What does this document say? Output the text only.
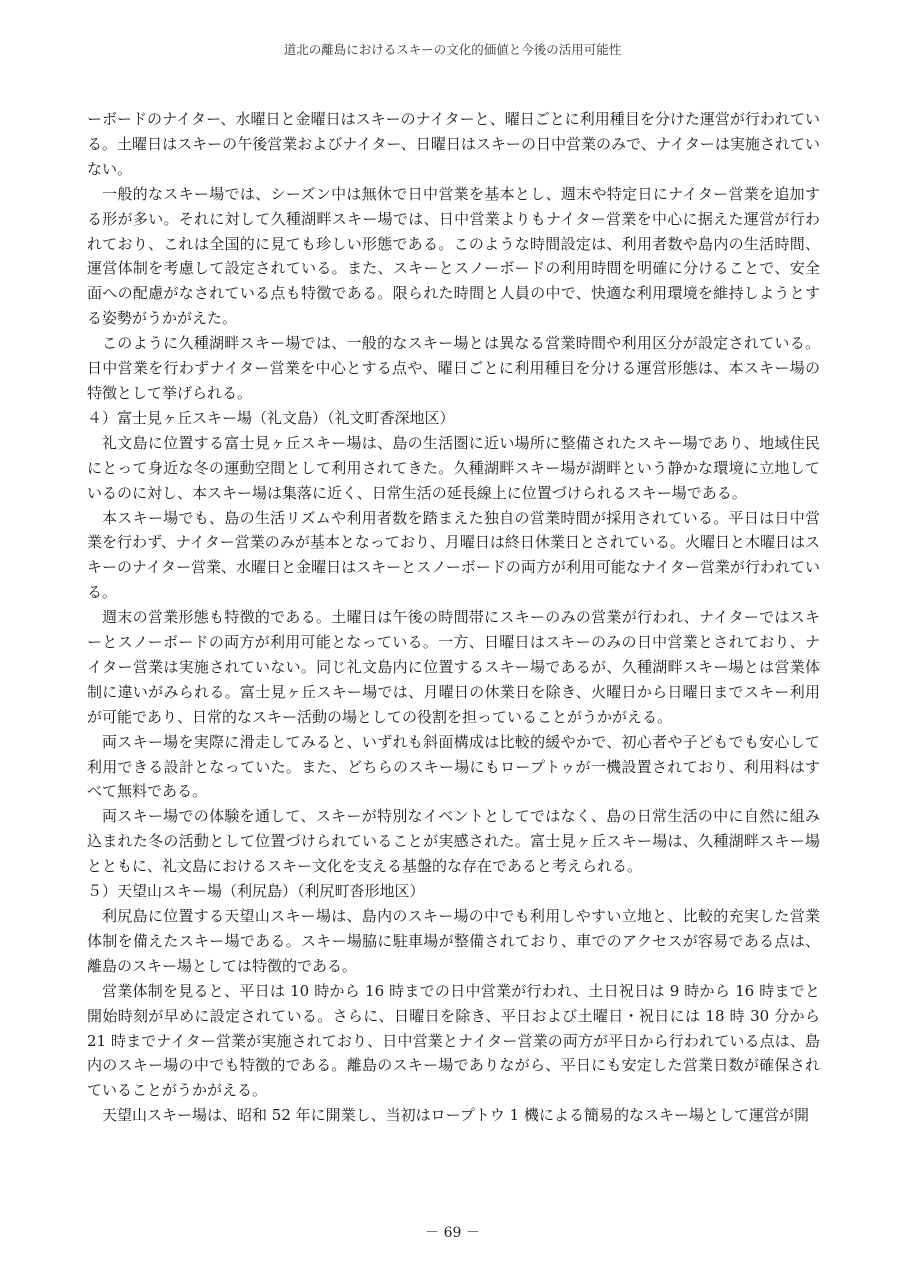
道北の離島におけるスキーの文化的価値と今後の活用可能性

ーボードのナイター、水曜日と金曜日はスキーのナイターと、曜日ごとに利用種目を分けた運営が行われている。土曜日はスキーの午後営業およびナイター、日曜日はスキーの日中営業のみで、ナイターは実施されていない。

一般的なスキー場では、シーズン中は無休で日中営業を基本とし、週末や特定日にナイター営業を追加する形が多い。それに対して久種湖畔スキー場では、日中営業よりもナイター営業を中心に据えた運営が行われており、これは全国的に見ても珍しい形態である。このような時間設定は、利用者数や島内の生活時間、運営体制を考慮して設定されている。また、スキーとスノーボードの利用時間を明確に分けることで、安全面への配慮がなされている点も特徴である。限られた時間と人員の中で、快適な利用環境を維持しようとする姿勢がうかがえた。

このように久種湖畔スキー場では、一般的なスキー場とは異なる営業時間や利用区分が設定されている。日中営業を行わずナイター営業を中心とする点や、曜日ごとに利用種目を分ける運営形態は、本スキー場の特徴として挙げられる。

４）富士見ヶ丘スキー場（礼文島）（礼文町香深地区）

礼文島に位置する富士見ヶ丘スキー場は、島の生活圏に近い場所に整備されたスキー場であり、地域住民にとって身近な冬の運動空間として利用されてきた。久種湖畔スキー場が湖畔という静かな環境に立地しているのに対し、本スキー場は集落に近く、日常生活の延長線上に位置づけられるスキー場である。

本スキー場でも、島の生活リズムや利用者数を踏まえた独自の営業時間が採用されている。平日は日中営業を行わず、ナイター営業のみが基本となっており、月曜日は終日休業日とされている。火曜日と木曜日はスキーのナイター営業、水曜日と金曜日はスキーとスノーボードの両方が利用可能なナイター営業が行われている。

週末の営業形態も特徴的である。土曜日は午後の時間帯にスキーのみの営業が行われ、ナイターではスキーとスノーボードの両方が利用可能となっている。一方、日曜日はスキーのみの日中営業とされており、ナイター営業は実施されていない。同じ礼文島内に位置するスキー場であるが、久種湖畔スキー場とは営業体制に違いがみられる。富士見ヶ丘スキー場では、月曜日の休業日を除き、火曜日から日曜日までスキー利用が可能であり、日常的なスキー活動の場としての役割を担っていることがうかがえる。

両スキー場を実際に滑走してみると、いずれも斜面構成は比較的緩やかで、初心者や子どもでも安心して利用できる設計となっていた。また、どちらのスキー場にもロープトゥが一機設置されており、利用料はすべて無料である。

両スキー場での体験を通して、スキーが特別なイベントとしてではなく、島の日常生活の中に自然に組み込まれた冬の活動として位置づけられていることが実感された。富士見ヶ丘スキー場は、久種湖畔スキー場とともに、礼文島におけるスキー文化を支える基盤的な存在であると考えられる。

５）天望山スキー場（利尻島）（利尻町沓形地区）

利尻島に位置する天望山スキー場は、島内のスキー場の中でも利用しやすい立地と、比較的充実した営業体制を備えたスキー場である。スキー場脇に駐車場が整備されており、車でのアクセスが容易である点は、離島のスキー場としては特徴的である。

営業体制を見ると、平日は 10 時から 16 時までの日中営業が行われ、土日祝日は 9 時から 16 時までと開始時刻が早めに設定されている。さらに、日曜日を除き、平日および土曜日・祝日には 18 時 30 分から 21 時までナイター営業が実施されており、日中営業とナイター営業の両方が平日から行われている点は、島内のスキー場の中でも特徴的である。離島のスキー場でありながら、平日にも安定した営業日数が確保されていることがうかがえる。

天望山スキー場は、昭和 52 年に開業し、当初はロープトウ 1 機による簡易的なスキー場として運営が開

－ 69 －
